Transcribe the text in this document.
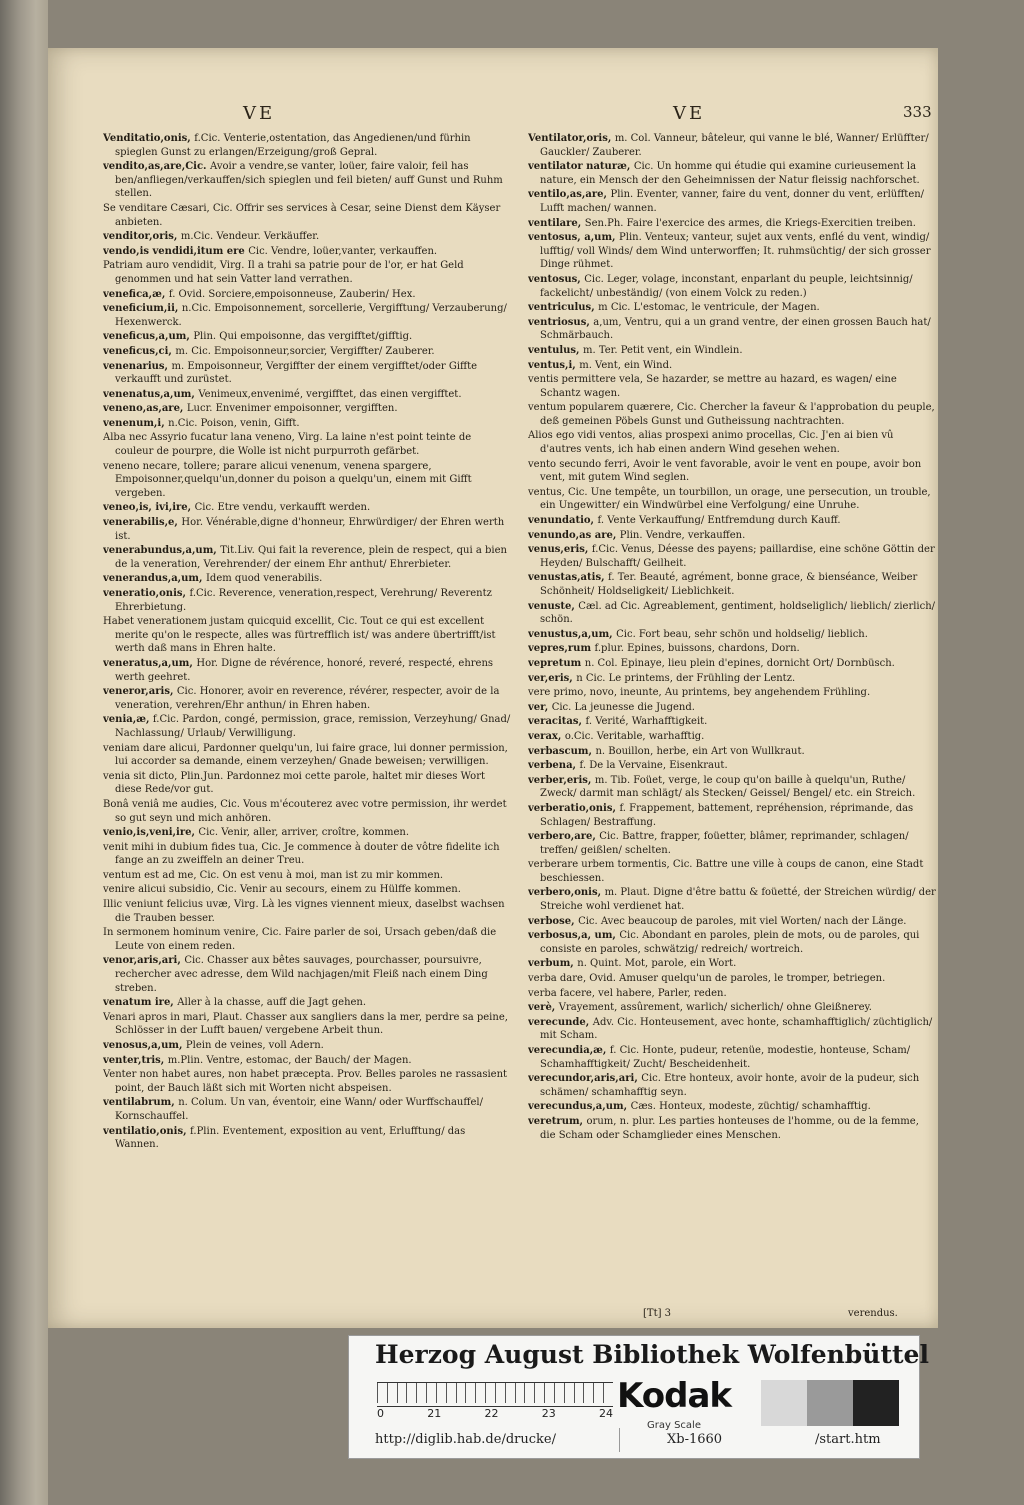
VE	VE	333
Venditatio,onis, f.Cic. Venterie,ostentation, das Angedienen/und fürhin spieglen Gunst zu erlangen/Erzeigung/groß Gepral.
vendito,as,are,Cic. Avoir a vendre,se vanter, loüer, faire valoir, feil has ben/anfliegen/verkauffen/sich spieglen und feil bieten/ auff Gunst und Ruhm stellen.
Se venditare Cæsari, Cic. Offrir ses services à Cesar, seine Dienst dem Käyser anbieten.
venditor,oris, m.Cic. Vendeur. Verkäuffer.
vendo,is vendidi,itum ere Cic. Vendre, loüer,vanter, verkauffen.
Patriam auro vendidit, Virg. Il a trahi sa patrie pour de l'or, er hat Geld genommen und hat sein Vatter land verrathen.
venefica,æ, f. Ovid. Sorciere,empoisonneuse, Zauberin/ Hex.
veneficium,ii, n.Cic. Empoisonnement, sorcellerie, Vergifftung/ Verzauberung/ Hexenwerck.
veneficus,a,um, Plin. Qui empoisonne, das vergifftet/gifftig.
veneficus,ci, m. Cic. Empoisonneur,sorcier, Vergiffter/ Zauberer.
venenarius, m. Empoisonneur, Vergiffter der einem vergifftet/oder Giffte verkaufft und zurüstet.
venenatus,a,um, Venimeux,envenimé, vergifftet, das einen vergifftet.
veneno,as,are, Lucr. Envenimer empoisonner, vergifften.
venenum,i, n.Cic. Poison, venin, Gifft.
Alba nec Assyrio fucatur lana veneno, Virg. La laine n'est point teinte de couleur de pourpre, die Wolle ist nicht purpurroth gefärbet.
veneno necare, tollere; parare alicui venenum, venena spargere, Empoisonner,quelqu'un,donner du poison a quelqu'un, einem mit Gifft vergeben.
veneo,is, ivi,ire, Cic. Etre vendu, verkaufft werden.
venerabilis,e, Hor. Vénérable,digne d'honneur, Ehrwürdiger/ der Ehren werth ist.
venerabundus,a,um, Tit.Liv. Qui fait la reverence, plein de respect, qui a bien de la veneration, Verehrender/ der einem Ehr anthut/ Ehrerbieter.
venerandus,a,um, Idem quod venerabilis.
veneratio,onis, f.Cic. Reverence, veneration,respect, Verehrung/ Reverentz Ehrerbietung.
Habet venerationem justam quicquid excellit, Cic. Tout ce qui est excellent merite qu'on le respecte, alles was fürtrefflich ist/ was andere übertrifft/ist werth daß mans in Ehren halte.
veneratus,a,um, Hor. Digne de révérence, honoré, reveré, respecté, ehrens werth geehret.
veneror,aris, Cic. Honorer, avoir en reverence, révérer, respecter, avoir de la veneration, verehren/Ehr anthun/ in Ehren haben.
venia,æ, f.Cic. Pardon, congé, permission, grace, remission, Verzeyhung/ Gnad/ Nachlassung/ Urlaub/ Verwilligung.
veniam dare alicui, Pardonner quelqu'un, lui faire grace, lui donner permission, lui accorder sa demande, einem verzeyhen/ Gnade beweisen; verwilligen.
venia sit dicto, Plin.Jun. Pardonnez moi cette parole, haltet mir dieses Wort diese Rede/vor gut.
Bonâ veniâ me audies, Cic. Vous m'écouterez avec votre permission, ihr werdet so gut seyn und mich anhören.
venio,is,veni,ire, Cic. Venir, aller, arriver, croître, kommen.
venit mihi in dubium fides tua, Cic. Je commence à douter de vôtre fidelite ich fange an zu zweiffeln an deiner Treu.
ventum est ad me, Cic. On est venu à moi, man ist zu mir kommen.
venire alicui subsidio, Cic. Venir au secours, einem zu Hülffe kommen.
Illic veniunt felicius uvæ, Virg. Là les vignes viennent mieux, daselbst wachsen die Trauben besser.
In sermonem hominum venire, Cic. Faire parler de soi, Ursach geben/daß die Leute von einem reden.
venor,aris,ari, Cic. Chasser aux bêtes sauvages, pourchasser, poursuivre, rechercher avec adresse, dem Wild nachjagen/mit Fleiß nach einem Ding streben.
venatum ire, Aller à la chasse, auff die Jagt gehen.
Venari apros in mari, Plaut. Chasser aux sangliers dans la mer, perdre sa peine, Schlösser in der Lufft bauen/ vergebene Arbeit thun.
venosus,a,um, Plein de veines, voll Adern.
venter,tris, m.Plin. Ventre, estomac, der Bauch/ der Magen.
Venter non habet aures, non habet præcepta. Prov. Belles paroles ne rassasient point, der Bauch läßt sich mit Worten nicht abspeisen.
ventilabrum, n. Colum. Un van, éventoir, eine Wann/ oder Wurffschauffel/ Kornschauffel.
ventilatio,onis, f.Plin. Eventement, exposition au vent, Erlufftung/ das Wannen.
Ventilator,oris, m. Col. Vanneur, bâteleur, qui vanne le blé, Wanner/ Erlüffter/ Gauckler/ Zauberer.
ventilator naturæ, Cic. Un homme qui étudie qui examine curieusement la nature, ein Mensch der den Geheimnissen der Natur fleissig nachforschet.
ventilo,as,are, Plin. Eventer, vanner, faire du vent, donner du vent, erlüfften/ Lufft machen/ wannen.
ventilare, Sen.Ph. Faire l'exercice des armes, die Kriegs-Exercitien treiben.
ventosus, a,um, Plin. Venteux; vanteur, sujet aux vents, enflé du vent, windig/ lufftig/ voll Winds/ dem Wind unterworffen; It. ruhmsüchtig/ der sich grosser Dinge rühmet.
ventosus, Cic. Leger, volage, inconstant, enparlant du peuple, leichtsinnig/ fackelicht/ unbeständig/ (von einem Volck zu reden.)
ventriculus, m Cic. L'estomac, le ventricule, der Magen.
ventriosus, a,um, Ventru, qui a un grand ventre, der einen grossen Bauch hat/ Schmärbauch.
ventulus, m. Ter. Petit vent, ein Windlein.
ventus,i, m. Vent, ein Wind.
ventis permittere vela, Se hazarder, se mettre au hazard, es wagen/ eine Schantz wagen.
ventum popularem quærere, Cic. Chercher la faveur & l'approbation du peuple, deß gemeinen Pöbels Gunst und Gutheissung nachtrachten.
Alios ego vidi ventos, alias prospexi animo procellas, Cic. J'en ai bien vû d'autres vents, ich hab einen andern Wind gesehen wehen.
vento secundo ferri, Avoir le vent favorable, avoir le vent en poupe, avoir bon vent, mit gutem Wind seglen.
ventus, Cic. Une tempête, un tourbillon, un orage, une persecution, un trouble, ein Ungewitter/ ein Windwürbel eine Verfolgung/ eine Unruhe.
venundatio, f. Vente Verkauffung/ Entfremdung durch Kauff.
venundo,as are, Plin. Vendre, verkauffen.
venus,eris, f.Cic. Venus, Déesse des payens; paillardise, eine schöne Göttin der Heyden/ Bulschafft/ Geilheit.
venustas,atis, f. Ter. Beauté, agrément, bonne grace, & bienséance, Weiber Schönheit/ Holdseligkeit/ Lieblichkeit.
venuste, Cæl. ad Cic. Agreablement, gentiment, holdseliglich/ lieblich/ zierlich/ schön.
venustus,a,um, Cic. Fort beau, sehr schön und holdselig/ lieblich.
vepres,rum f.plur. Epines, buissons, chardons, Dorn.
vepretum n. Col. Epinaye, lieu plein d'epines, dornicht Ort/ Dornbüsch.
ver,eris, n Cic. Le printems, der Frühling der Lentz.
vere primo, novo, ineunte, Au printems, bey angehendem Frühling.
ver, Cic. La jeunesse die Jugend.
veracitas, f. Verité, Warhafftigkeit.
verax, o.Cic. Veritable, warhafftig.
verbascum, n. Bouillon, herbe, ein Art von Wullkraut.
verbena, f. De la Vervaine, Eisenkraut.
verber,eris, m. Tib. Foüet, verge, le coup qu'on baille à quelqu'un, Ruthe/ Zweck/ darmit man schlägt/ als Stecken/ Geissel/ Bengel/ etc. ein Streich.
verberatio,onis, f. Frappement, battement, repréhension, réprimande, das Schlagen/ Bestraffung.
verbero,are, Cic. Battre, frapper, foüetter, blâmer, reprimander, schlagen/ treffen/ geißlen/ schelten.
verberare urbem tormentis, Cic. Battre une ville à coups de canon, eine Stadt beschiessen.
verbero,onis, m. Plaut. Digne d'être battu & foüetté, der Streichen würdig/ der Streiche wohl verdienet hat.
verbose, Cic. Avec beaucoup de paroles, mit viel Worten/ nach der Länge.
verbosus,a, um, Cic. Abondant en paroles, plein de mots, ou de paroles, qui consiste en paroles, schwätzig/ redreich/ wortreich.
verbum, n. Quint. Mot, parole, ein Wort.
verba dare, Ovid. Amuser quelqu'un de paroles, le tromper, betriegen.
verba facere, vel habere, Parler, reden.
verè, Vrayement, assûrement, warlich/ sicherlich/ ohne Gleißnerey.
verecunde, Adv. Cic. Honteusement, avec honte, schamhafftiglich/ züchtiglich/ mit Scham.
verecundia,æ, f. Cic. Honte, pudeur, retenüe, modestie, honteuse, Scham/ Schamhafftigkeit/ Zucht/ Bescheidenheit.
verecundor,aris,ari, Cic. Etre honteux, avoir honte, avoir de la pudeur, sich schämen/ schamhafftig seyn.
verecundus,a,um, Cæs. Honteux, modeste, züchtig/ schamhafftig.
veretrum, orum, n. plur. Les parties honteuses de l'homme, ou de la femme, die Scham oder Schamglieder eines Menschen.
[Tt] 3	verendus.
Herzog August Bibliothek Wolfenbüttel
0	21	22	23	24 Kodak
Gray Scale
http://diglib.hab.de/drucke/	Xb-1660	/start.htm
